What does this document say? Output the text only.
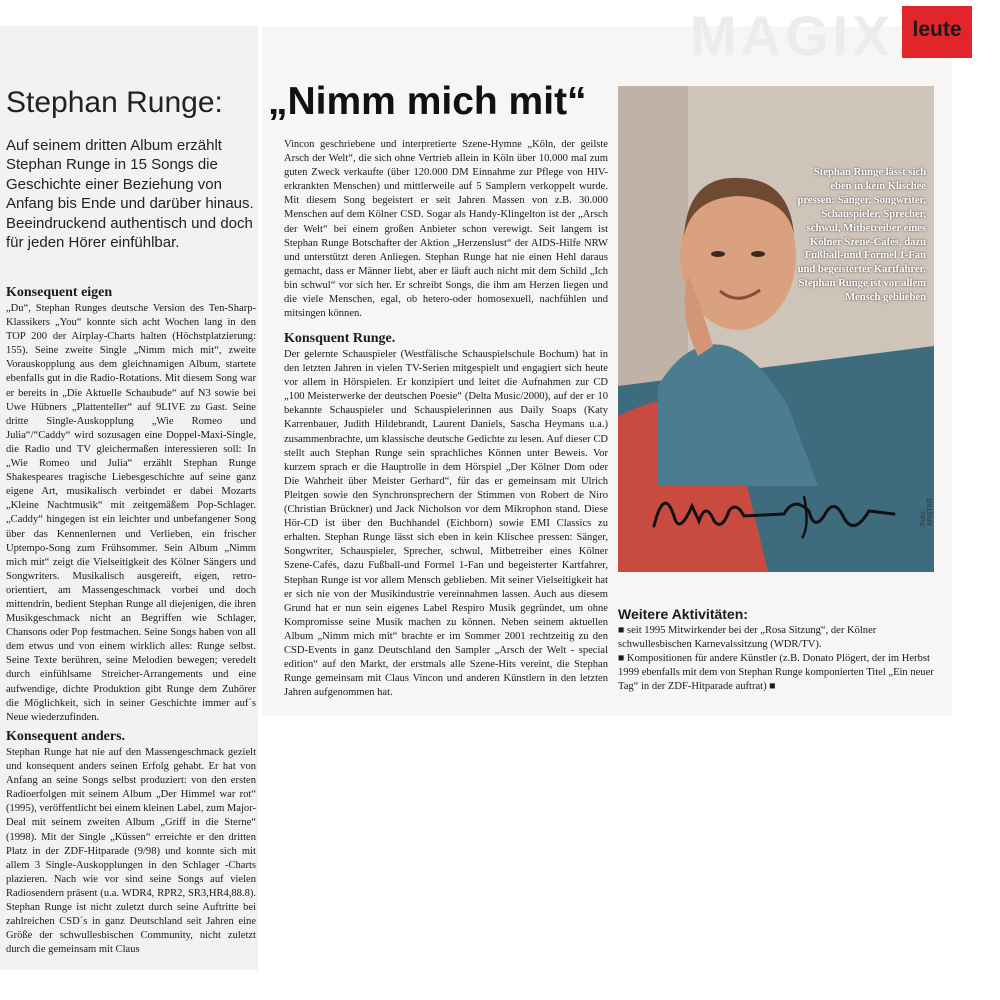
MAGIX leute
Stephan Runge: „Nimm mich mit“
Auf seinem dritten Album erzählt Stephan Runge in 15 Songs die Geschichte einer Beziehung von Anfang bis Ende und darüber hinaus. Beeindruckend authentisch und doch für jeden Hörer einfühlbar.
Konsequent eigen

„Du“, Stephan Runges deutsche Version des Ten-Sharp-Klassikers „You“ konnte sich acht Wochen lang in den TOP 200 der Airplay-Charts halten (Höchstplatzierung: 155). Seine zweite Single „Nimm mich mit“, zweite Vorauskopplung aus dem gleichnamigen Album, startete ebenfalls gut in die Radio-Rotations. Mit diesem Song war er bereits in „Die Aktuelle Schaubude“ auf N3 sowie bei Uwe Hübners „Plattenteller“ auf 9LIVE zu Gast. Seine dritte Single-Auskopplung „Wie Romeo und Julia“/“Caddy“ wird sozusagen eine Doppel-Maxi-Single, die Radio und TV gleichermaßen interessieren soll: In „Wie Romeo und Julia“ erzählt Stephan Runge Shakespeares tragische Liebesgeschichte auf seine ganz eigene Art, musikalisch verbindet er dabei Mozarts „Kleine Nachtmusik“ mit zeitgemäßem Pop-Schlager. „Caddy“ hingegen ist ein leichter und unbefangener Song über das Kennenlernen und Verlieben, ein frischer Uptempo-Song zum Frühsommer. Sein Album „Nimm mich mit“ zeigt die Vielseitigkeit des Kölner Sängers und Songwriters. Musikalisch ausgereift, eigen, retro-orientiert, am Massengeschmack vorbei und doch mittendrin, bedient Stephan Runge all diejenigen, die ihren Musikgeschmack nicht an Begriffen wie Schlager, Chansons oder Pop festmachen. Seine Songs haben von all dem etwus und von einem wirklich alles: Runge selbst. Seine Texte berühren, seine Melodien bewegen; veredelt durch einfühlsame Streicher-Arrangements und eine aufwendige, dichte Produktion gibt Runge dem Zuhörer die Möglichkeit, sich in seiner Geschichte immer auf´s Neue wiederzufinden.

Konsequent anders.

Stephan Runge hat nie auf den Massengeschmack gezielt und konsequent anders seinen Erfolg gehabt. Er hat von Anfang an seine Songs selbst produziert: von den ersten Radioerfolgen mit seinem Album „Der Himmel war rot“ (1995), veröffentlicht bei einem kleinen Label, zum Major-Deal mit seinem zweiten Album „Griff in die Sterne“ (1998). Mit der Single „Küssen“ erreichte er den dritten Platz in der ZDF-Hitparade (9/98) und konnte sich mit allem 3 Single-Auskopplungen in den Schlager -Charts plazieren. Nach wie vor sind seine Songs auf vielen Radiosendern präsent (u.a. WDR4, RPR2, SR3,HR4,88.8). Stephan Runge ist nicht zuletzt durch seine Auftritte bei zahlreichen CSD´s in ganz Deutschland seit Jahren eine Größe der schwullesbischen Community, nicht zuletzt durch die gemeinsam mit Claus

Vincon geschriebene und interpretierte Szene-Hymne „Köln, der geilste Arsch der Welt“, die sich ohne Vertrieb allein in Köln über 10.000 mal zum guten Zweck verkaufte (über 120.000 DM Einnahme zur Pflege von HIV-erkrankten Menschen) und mittlerweile auf 5 Samplern verkoppelt wurde. Mit diesem Song begeistert er seit Jahren Massen von z.B. 30.000 Menschen auf dem Kölner CSD. Sogar als Handy-Klingelton ist der „Arsch der Welt“ bei einem großen Anbieter schon verewigt. Seit langem ist Stephan Runge Botschafter der Aktion „Herzenslust“ der AIDS-Hilfe NRW und unterstützt deren Anliegen. Stephan Runge hat nie einen Hehl daraus gemacht, dass er Männer liebt, aber er läuft auch nicht mit dem Schild „Ich bin schwul“ vor sich her. Er schreibt Songs, die ihm am Herzen liegen und die viele Menschen, egal, ob hetero-oder homosexuell, nachfühlen und mitsingen können.

Konsquent Runge.

Der gelernte Schauspieler (Westfälische Schauspielschule Bochum) hat in den letzten Jahren in vielen TV-Serien mitgespielt und engagiert sich heute vor allem in Hörspielen. Er konzipiert und leitet die Aufnahmen zur CD „100 Meisterwerke der deutschen Poesie“ (Delta Music/2000), auf der er 10 bekannte Schauspieler und Schauspielerinnen aus Daily Soaps (Katy Karrenbauer, Judith Hildebrandt, Laurent Daniels, Sascha Heymans u.a.) zusammenbrachte, um klassische deutsche Gedichte zu lesen. Auf dieser CD stellt auch Stephan Runge sein sprachliches Können unter Beweis. Vor kurzem sprach er die Hauptrolle in dem Hörspiel „Der Kölner Dom oder Die Wahrheit über Meister Gerhard“, für das er gemeinsam mit Ulrich Pleitgen sowie den Synchronsprechern der Stimmen von Robert de Niro (Christian Brückner) und Jack Nicholson vor dem Mikrophon stand. Diese Hör-CD ist über den Buchhandel (Eichborn) sowie EMI Classics zu erhalten. Stephan Runge lässt sich eben in kein Klischee pressen: Sänger, Songwriter, Schauspieler, Sprecher, schwul, Mitbetreiber eines Kölner Szene-Cafés, dazu Fußball-und Formel 1-Fan und begeisterter Kartfahrer, Stephan Runge ist vor allem Mensch geblieben. Mit seiner Vielseitigkeit hat er sich nie von der Musikindustrie vereinnahmen lassen. Auch aus diesem Grund hat er nun sein eigenes Label Respiro Musik gegründet, um ohne Kompromisse seine Musik machen zu können. Neben seinem aktuellen Album „Nimm mich mit“ brachte er im Sommer 2001 rechtzeitig zu den CSD-Events in ganz Deutschland den Sampler „Arsch der Welt - special edition“ auf den Markt, der erstmals alle Szene-Hits vereint, die Stephan Runge gemeinsam mit Claus Vincon und anderen Künstlern in den letzten Jahren aufgenommen hat.

Stephan Runge lässt sich eben in kein Klischee pressen: Sänger, Songwriter, Schauspieler, Sprecher, schwul, Mitbetreiber eines Kölner Szene-Cafés, dazu Fußball-und Formel 1-Fan und begeisterter Kartfahrer, Stephan Runge ist vor allem Mensch geblieben
Foto: ARSTAR
Weitere Aktivitäten:
■ seit 1995 Mitwirkender bei der „Rosa Sitzung“, der Kölner schwullesbischen Karnevalssitzung (WDR/TV).
■ Kompositionen für andere Künstler (z.B. Donato Plögert, der im Herbst 1999 ebenfalls mit dem von Stephan Runge komponierten Titel „Ein neuer Tag“ in der ZDF-Hitparade auftrat) ■
